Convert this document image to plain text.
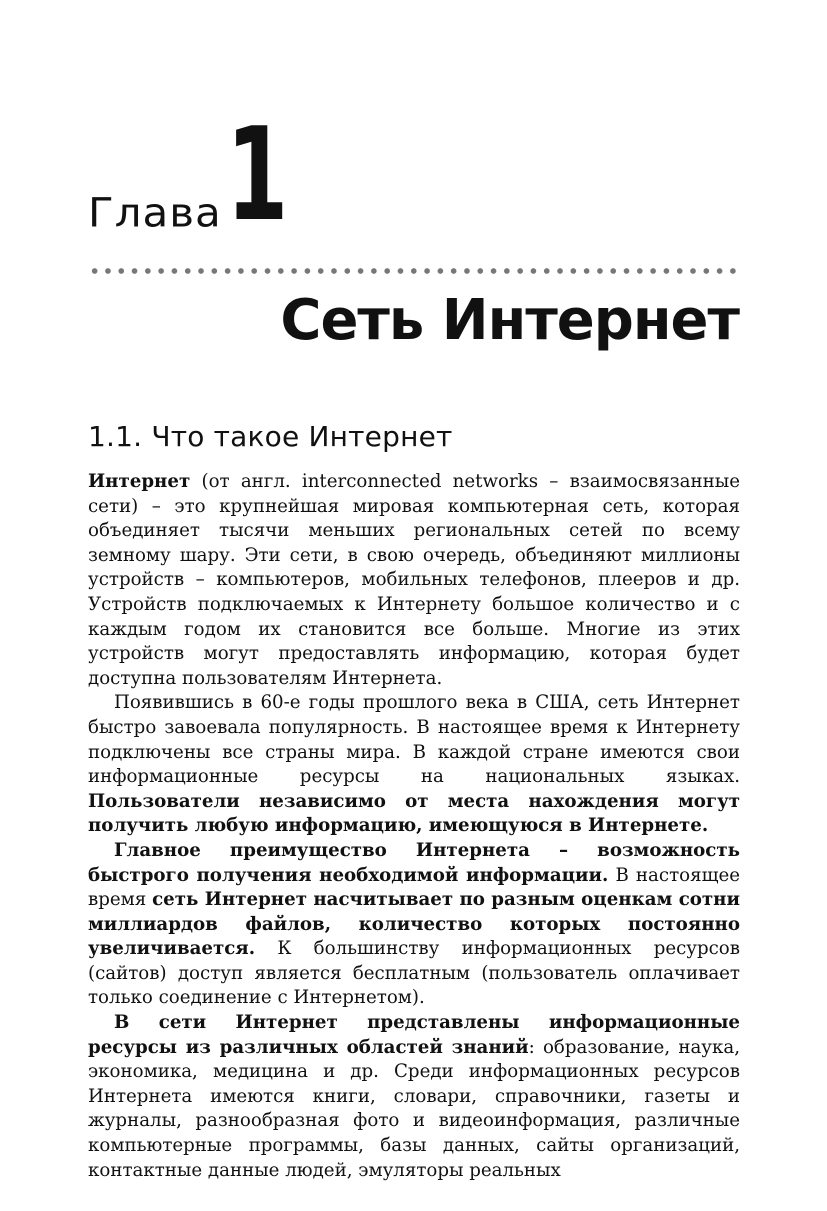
Глава 1
Сеть Интернет
1.1. Что такое Интернет

Интернет (от англ. interconnected networks – взаимосвязанные сети) – это крупнейшая мировая компьютерная сеть, которая объединяет тысячи меньших региональных сетей по всему земному шару. Эти сети, в свою очередь, объединяют миллионы устройств – компьютеров, мобильных телефонов, плееров и др. Устройств подключаемых к Интернету большое количество и с каждым годом их становится все больше. Многие из этих устройств могут предоставлять информацию, которая будет доступна пользователям Интернета.

Появившись в 60-е годы прошлого века в США, сеть Интернет быстро завоевала популярность. В настоящее время к Интернету подключены все страны мира. В каждой стране имеются свои информационные ресурсы на национальных языках. Пользователи независимо от места нахождения могут получить любую информацию, имеющуюся в Интернете.

Главное преимущество Интернета – возможность быстрого получения необходимой информации. В настоящее время сеть Интернет насчитывает по разным оценкам сотни миллиардов файлов, количество которых постоянно увеличивается. К большинству информационных ресурсов (сайтов) доступ является бесплатным (пользователь оплачивает только соединение с Интернетом).

В сети Интернет представлены информационные ресурсы из различных областей знаний: образование, наука, экономика, медицина и др. Среди информационных ресурсов Интернета имеются книги, словари, справочники, газеты и журналы, разнообразная фото и видеоинформация, различные компьютерные программы, базы данных, сайты организаций, контактные данные людей, эмуляторы реальных
